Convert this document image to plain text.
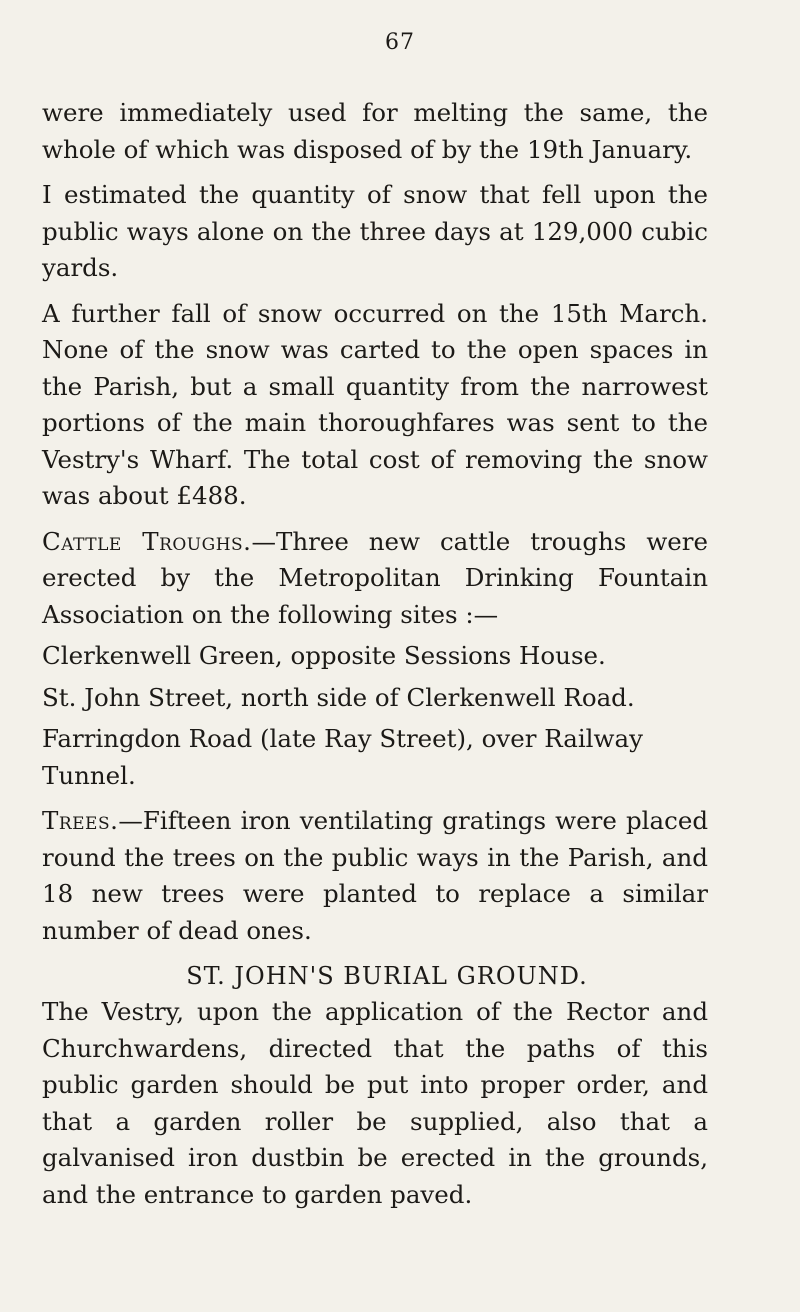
67

were immediately used for melting the same, the whole of which was disposed of by the 19th January.

I estimated the quantity of snow that fell upon the public ways alone on the three days at 129,000 cubic yards.

A further fall of snow occurred on the 15th March. None of the snow was carted to the open spaces in the Parish, but a small quantity from the narrowest portions of the main thoroughfares was sent to the Vestry's Wharf. The total cost of removing the snow was about £488.

Cattle Troughs.—Three new cattle troughs were erected by the Metropolitan Drinking Fountain Association on the following sites :—

Clerkenwell Green, opposite Sessions House.

St. John Street, north side of Clerkenwell Road.

Farringdon Road (late Ray Street), over Railway Tunnel.

Trees.—Fifteen iron ventilating gratings were placed round the trees on the public ways in the Parish, and 18 new trees were planted to replace a similar number of dead ones.

ST. JOHN'S BURIAL GROUND.

The Vestry, upon the application of the Rector and Churchwardens, directed that the paths of this public garden should be put into proper order, and that a garden roller be supplied, also that a galvanised iron dustbin be erected in the grounds, and the entrance to garden paved.
